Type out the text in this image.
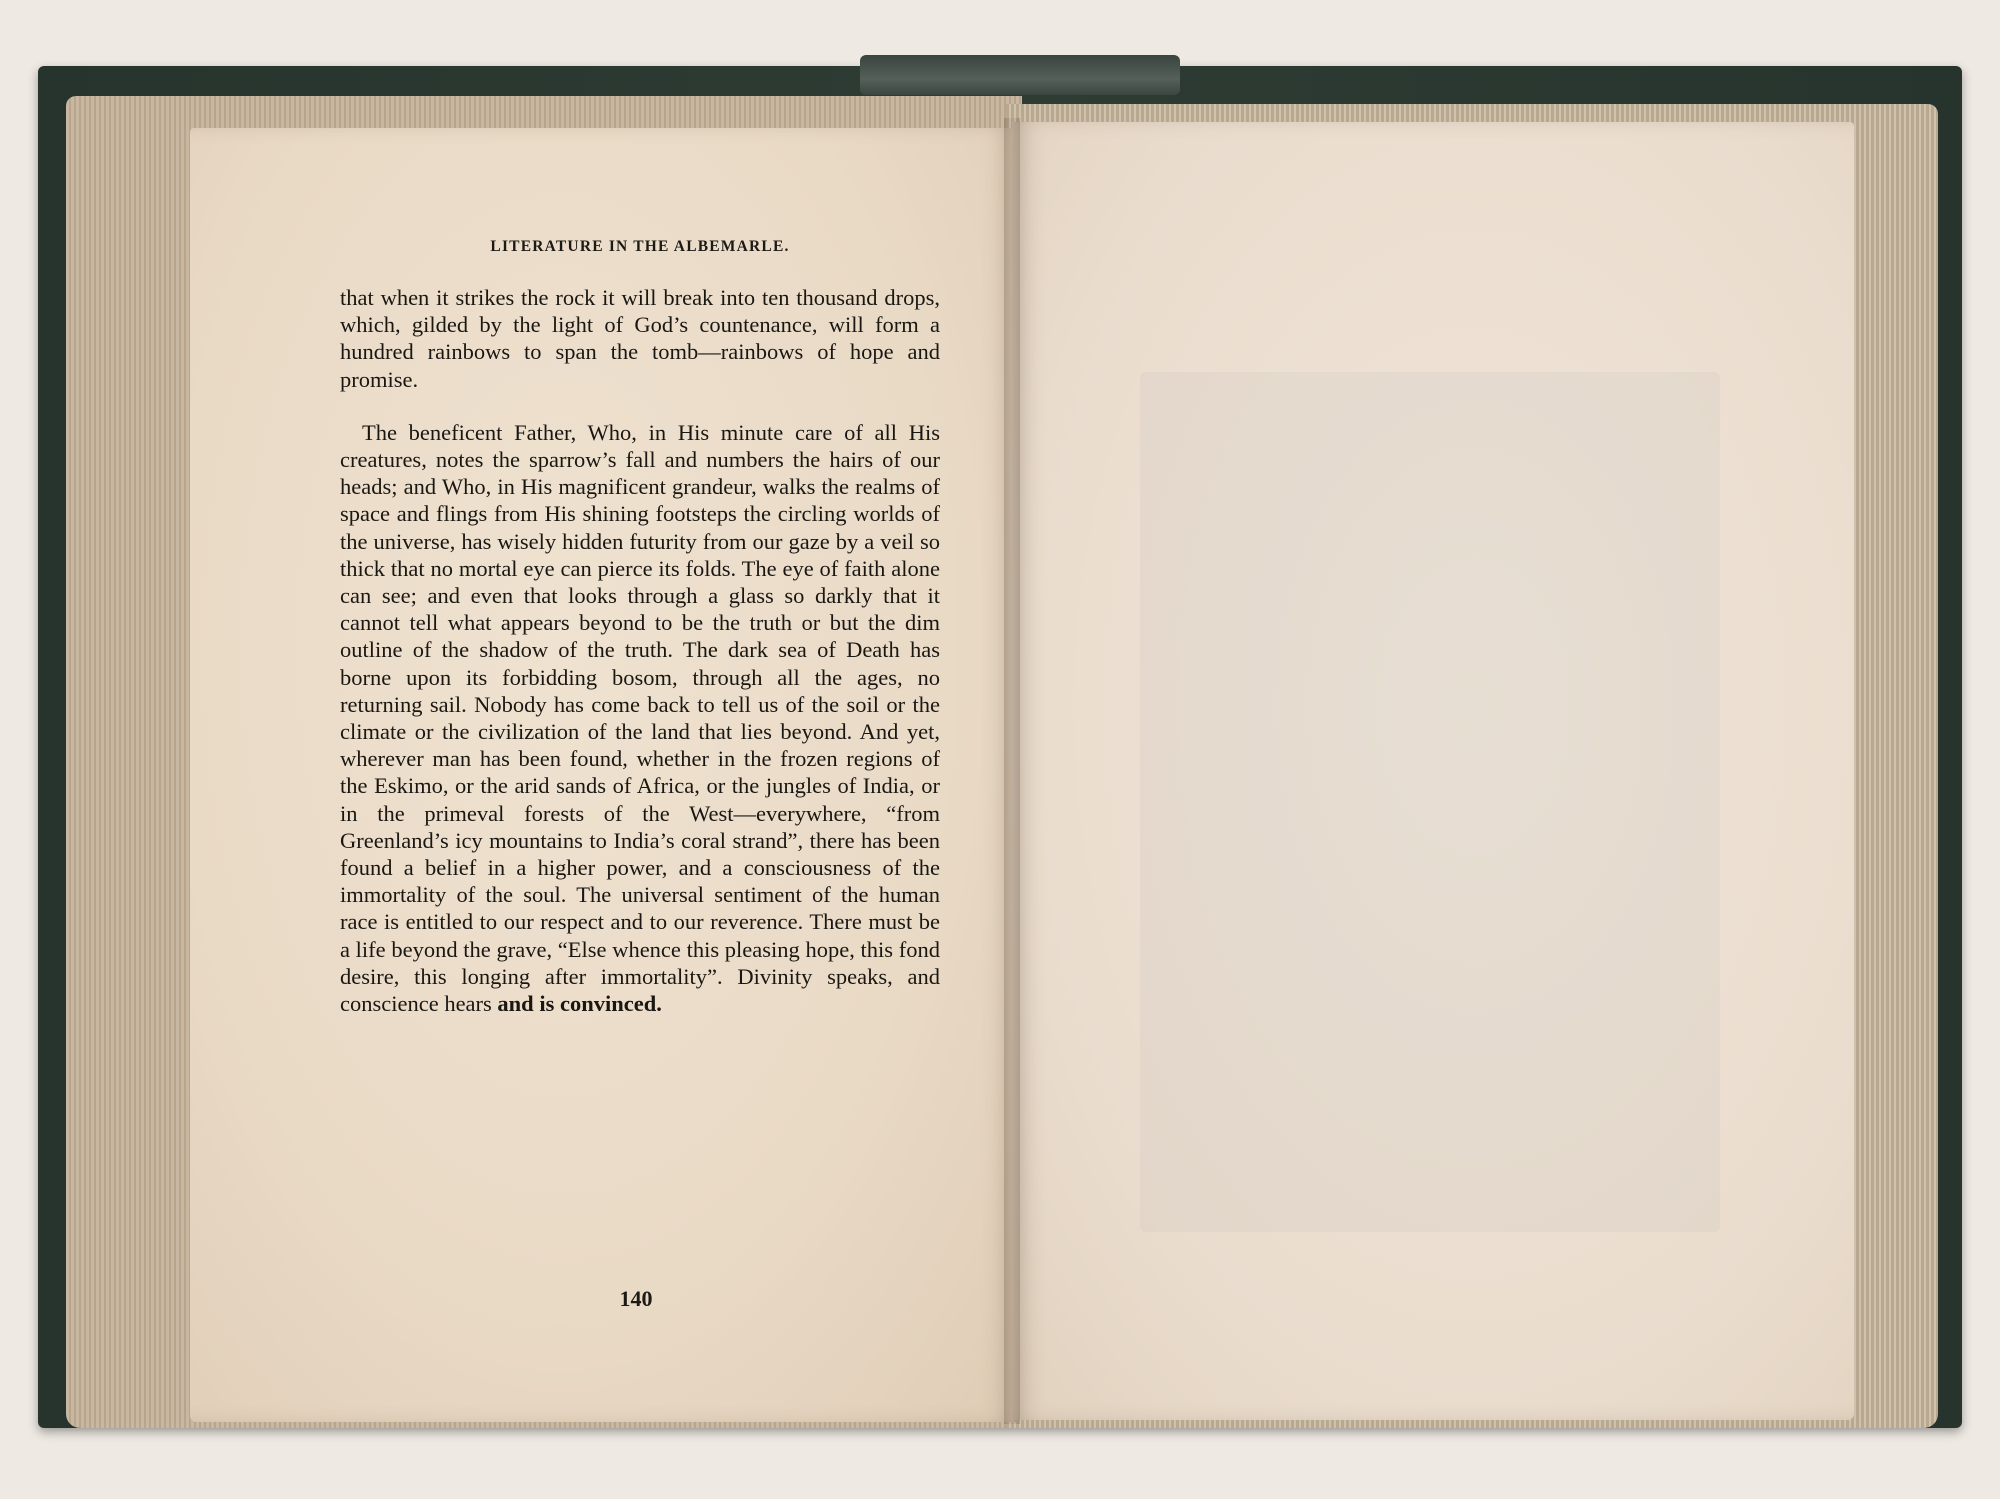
LITERATURE IN THE ALBEMARLE.

that when it strikes the rock it will break into ten thousand drops, which, gilded by the light of God’s countenance, will form a hundred rainbows to span the tomb—rainbows of hope and promise.

The beneficent Father, Who, in His minute care of all His creatures, notes the sparrow’s fall and numbers the hairs of our heads; and Who, in His magnificent grandeur, walks the realms of space and flings from His shining footsteps the circling worlds of the universe, has wisely hidden futurity from our gaze by a veil so thick that no mortal eye can pierce its folds. The eye of faith alone can see; and even that looks through a glass so darkly that it cannot tell what appears beyond to be the truth or but the dim outline of the shadow of the truth. The dark sea of Death has borne upon its forbidding bosom, through all the ages, no returning sail. Nobody has come back to tell us of the soil or the climate or the civilization of the land that lies beyond. And yet, wherever man has been found, whether in the frozen regions of the Eskimo, or the arid sands of Africa, or the jungles of India, or in the primeval forests of the West—everywhere, “from Greenland’s icy mountains to India’s coral strand”, there has been found a belief in a higher power, and a consciousness of the immortality of the soul. The universal sentiment of the human race is entitled to our respect and to our reverence. There must be a life beyond the grave, “Else whence this pleasing hope, this fond desire, this longing after immortality”. Divinity speaks, and conscience hears and is convinced.

140
